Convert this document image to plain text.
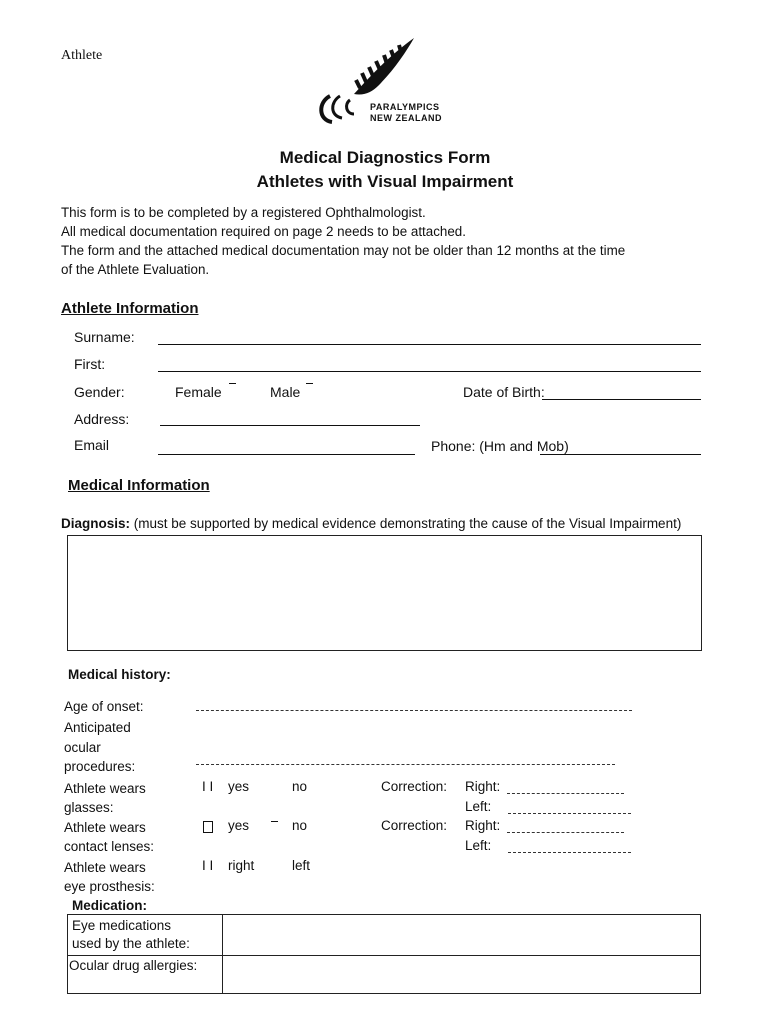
Athlete
PARALYMPICS
NEW ZEALAND
Medical Diagnostics Form
Athletes with Visual Impairment
This form is to be completed by a registered Ophthalmologist.
All medical documentation required on page 2 needs to be attached.
The form and the attached medical documentation may not be older than 12 months at the time
of the Athlete Evaluation.
Athlete Information
Surname:
First:
Gender:	Female	Male	Date of Birth:
Address:
Email	Phone: (Hm and Mob)
Medical Information
Diagnosis: (must be supported by medical evidence demonstrating the cause of the Visual Impairment)
Medical history:
Age of onset:
Anticipated
ocular
procedures:
Athlete wears
glasses:
I I yes	no	Correction: Right:
Left:
Athlete wears
contact lenses:
yes	no	Correction: Right:
Left:
Athlete wears
eye prosthesis:
I I right	left
Medication:
Eye medications
used by the athlete:	

Ocular drug allergies:	
